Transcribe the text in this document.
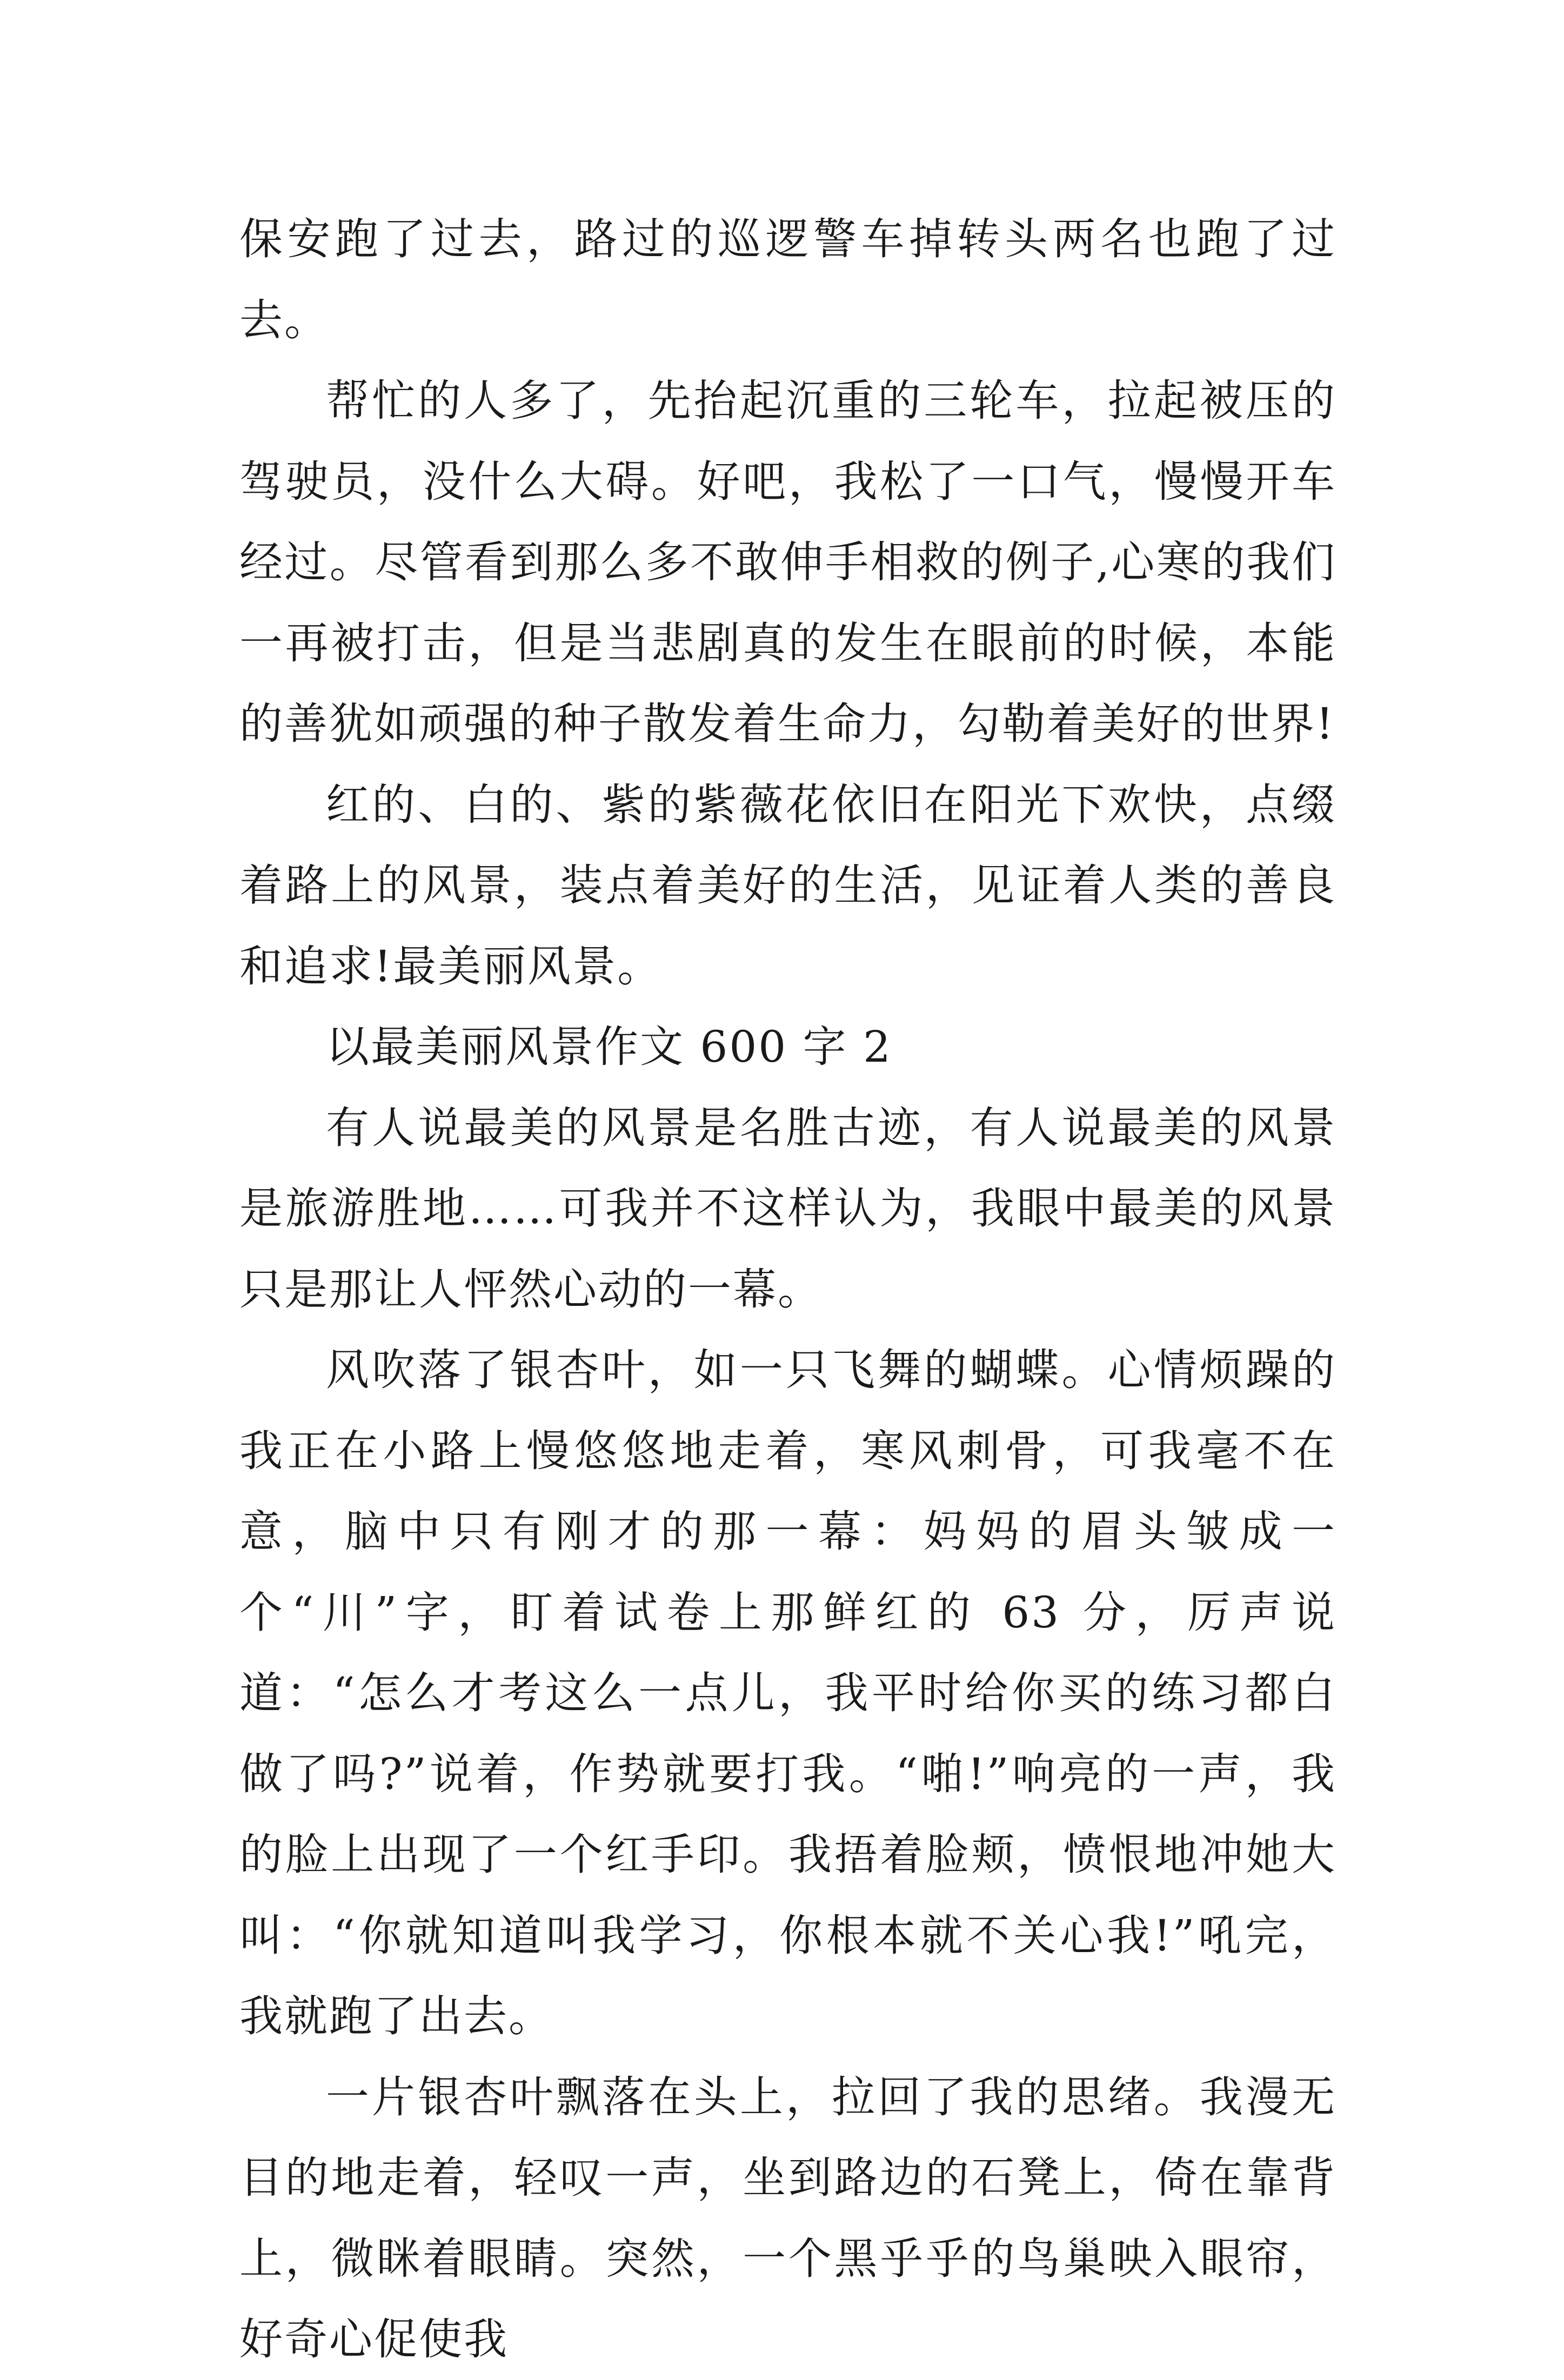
保安跑了过去，路过的巡逻警车掉转头两名也跑了过去。

帮忙的人多了，先抬起沉重的三轮车，拉起被压的驾驶员，没什么大碍。好吧，我松了一口气，慢慢开车经过。尽管看到那么多不敢伸手相救的例子,心寒的我们一再被打击，但是当悲剧真的发生在眼前的时候，本能的善犹如顽强的种子散发着生命力，勾勒着美好的世界!

红的、白的、紫的紫薇花依旧在阳光下欢快，点缀着路上的风景，装点着美好的生活，见证着人类的善良和追求!最美丽风景。

以最美丽风景作文 600 字 2

有人说最美的风景是名胜古迹，有人说最美的风景是旅游胜地……可我并不这样认为，我眼中最美的风景只是那让人怦然心动的一幕。

风吹落了银杏叶，如一只飞舞的蝴蝶。心情烦躁的我正在小路上慢悠悠地走着，寒风刺骨，可我毫不在意，脑中只有刚才的那一幕：妈妈的眉头皱成一个“川”字，盯着试卷上那鲜红的 63 分，厉声说道：“怎么才考这么一点儿，我平时给你买的练习都白做了吗?”说着，作势就要打我。“啪!”响亮的一声，我的脸上出现了一个红手印。我捂着脸颊，愤恨地冲她大叫：“你就知道叫我学习，你根本就不关心我!”吼完，我就跑了出去。

一片银杏叶飘落在头上，拉回了我的思绪。我漫无目的地走着，轻叹一声，坐到路边的石凳上，倚在靠背上，微眯着眼睛。突然，一个黑乎乎的鸟巢映入眼帘，好奇心促使我
